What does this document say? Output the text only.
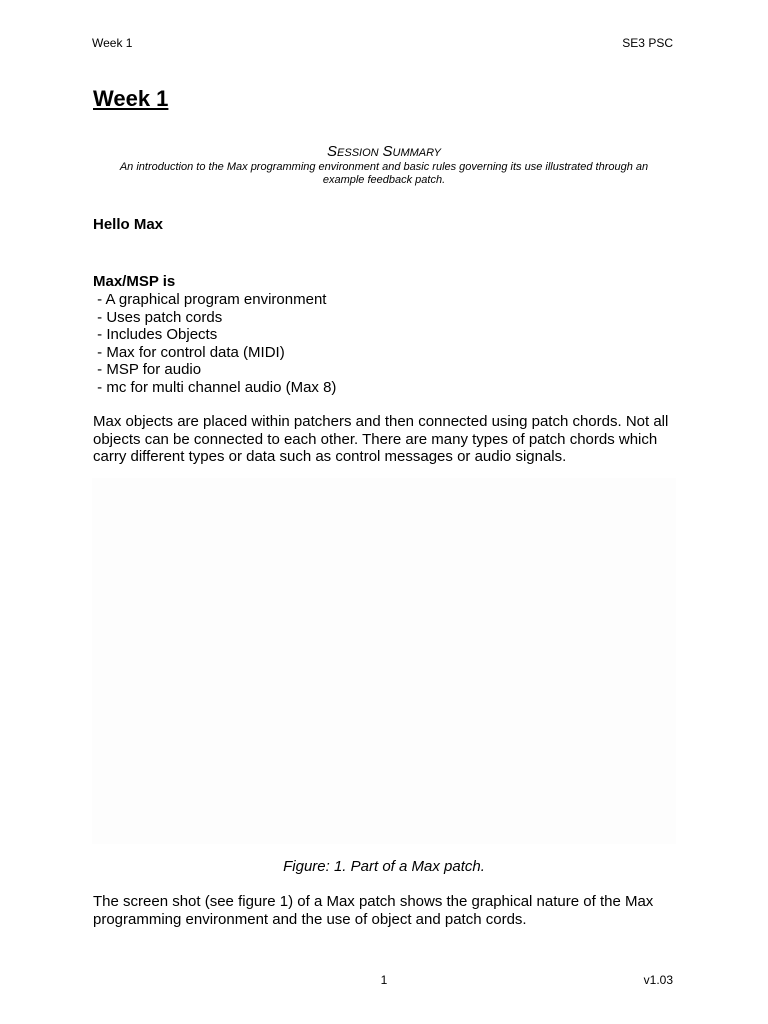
Week 1	SE3 PSC
Week 1
SESSION SUMMARY
An introduction to the Max programming environment and basic rules governing its use illustrated through an example feedback patch.
Hello Max
Max/MSP is
- A graphical program environment
- Uses patch cords
- Includes Objects
- Max for control data (MIDI)
- MSP for audio
- mc for multi channel audio (Max 8)

Max objects are placed within patchers and then connected using patch chords. Not all objects can be connected to each other. There are many types of patch chords which carry different types or data such as control messages or audio signals.

Figure: 1. Part of a Max patch.

The screen shot (see figure 1) of a Max patch shows the graphical nature of the Max programming environment and the use of object and patch cords.

1	v1.03
